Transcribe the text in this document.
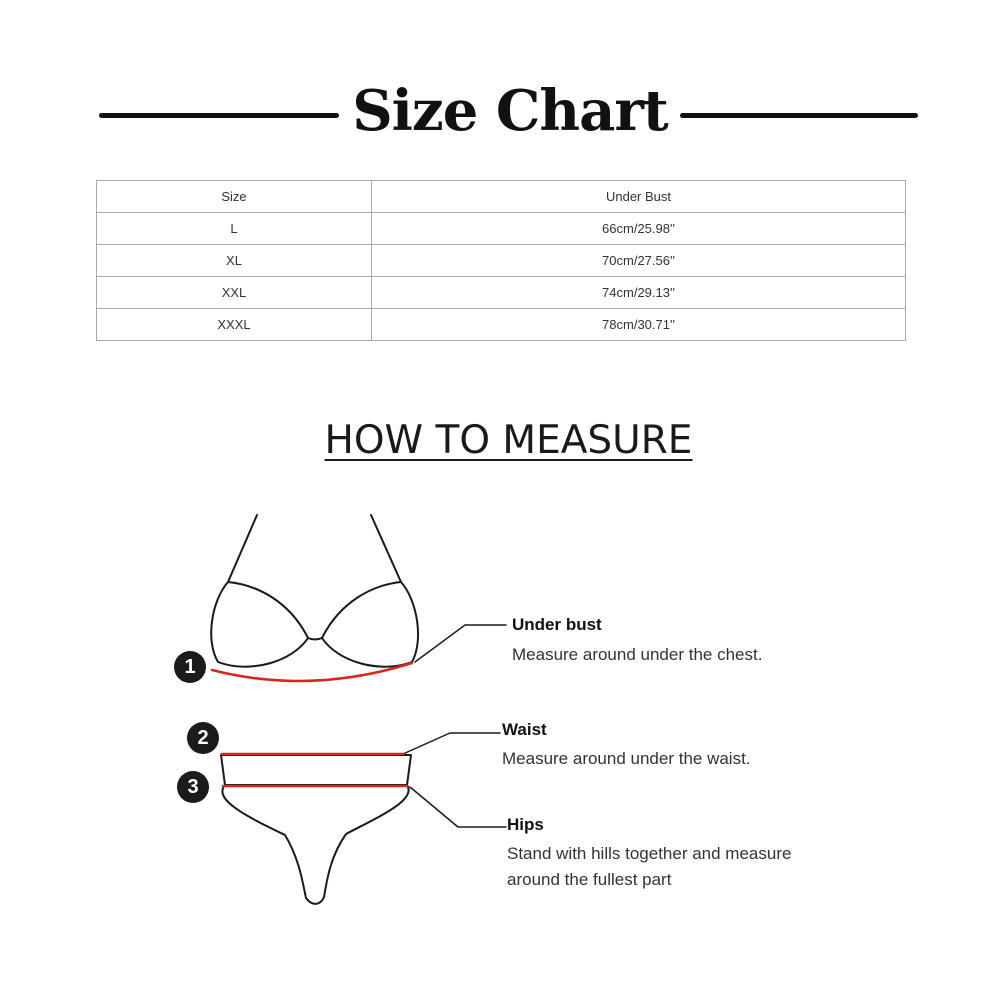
Size Chart
Size	Under Bust
L	66cm/25.98''
XL	70cm/27.56''
XXL	74cm/29.13''
XXXL	78cm/30.71''
HOW TO MEASURE
1
2
3
Under bust
Measure around under the chest.
Waist
Measure around under the waist.
Hips
Stand with hills together and measure
around the fullest part
